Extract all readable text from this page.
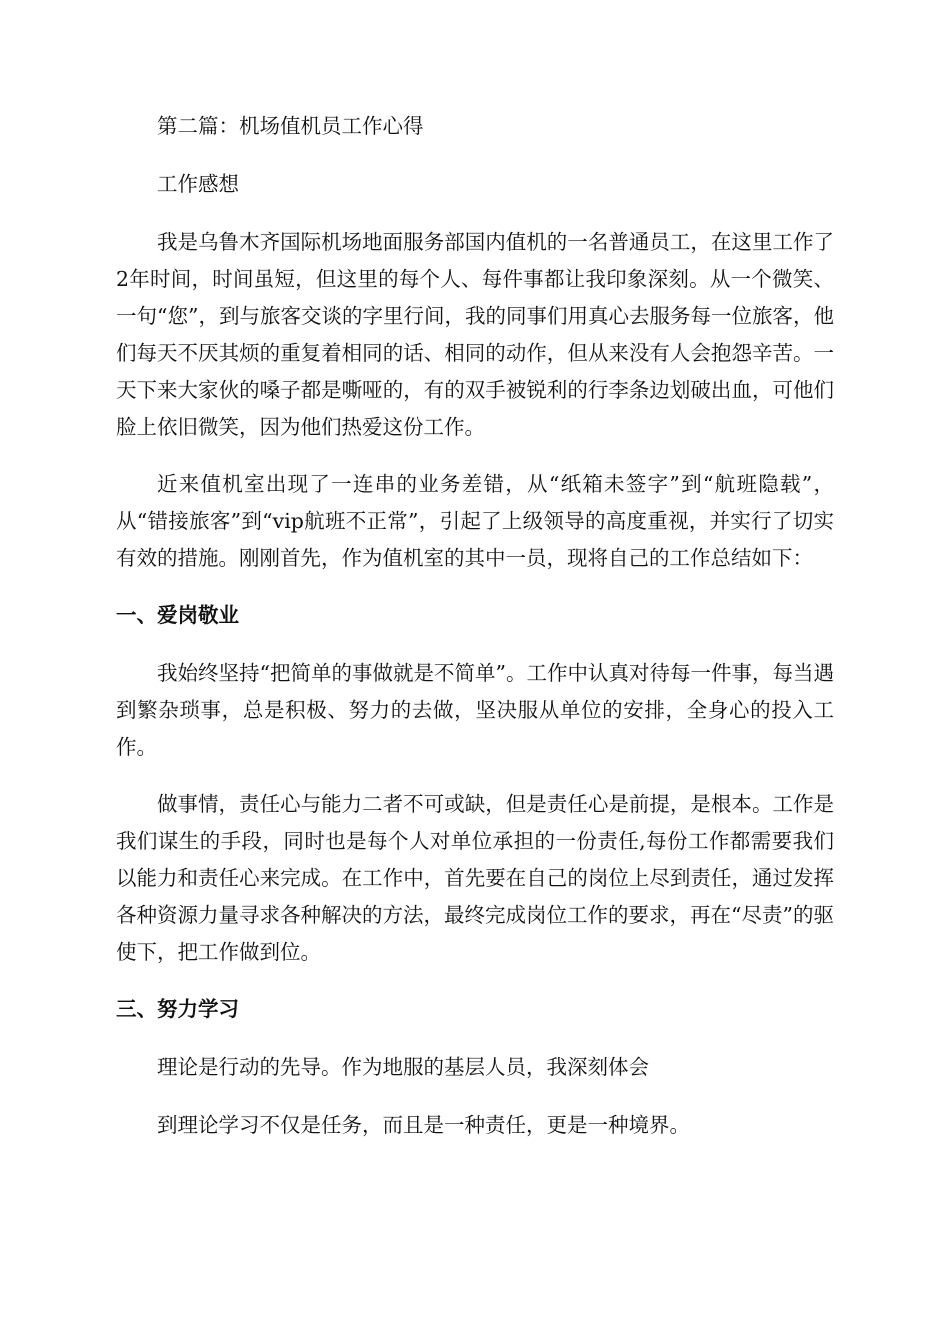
第二篇：机场值机员工作心得

工作感想

我是乌鲁木齐国际机场地面服务部国内值机的一名普通员工，在这里工作了2年时间，时间虽短，但这里的每个人、每件事都让我印象深刻。从一个微笑、一句“您”，到与旅客交谈的字里行间，我的同事们用真心去服务每一位旅客，他们每天不厌其烦的重复着相同的话、相同的动作，但从来没有人会抱怨辛苦。一天下来大家伙的嗓子都是嘶哑的，有的双手被锐利的行李条边划破出血，可他们脸上依旧微笑，因为他们热爱这份工作。

近来值机室出现了一连串的业务差错，从“纸箱未签字”到“航班隐载”，从“错接旅客”到“vip航班不正常”，引起了上级领导的高度重视，并实行了切实有效的措施。刚刚首先，作为值机室的其中一员，现将自己的工作总结如下：

一、爱岗敬业

我始终坚持“把简单的事做就是不简单”。工作中认真对待每一件事，每当遇到繁杂琐事，总是积极、努力的去做，坚决服从单位的安排，全身心的投入工作。

做事情，责任心与能力二者不可或缺，但是责任心是前提，是根本。工作是我们谋生的手段，同时也是每个人对单位承担的一份责任,每份工作都需要我们以能力和责任心来完成。在工作中，首先要在自己的岗位上尽到责任，通过发挥各种资源力量寻求各种解决的方法，最终完成岗位工作的要求，再在“尽责”的驱使下，把工作做到位。

三、努力学习

理论是行动的先导。作为地服的基层人员，我深刻体会

到理论学习不仅是任务，而且是一种责任，更是一种境界。
